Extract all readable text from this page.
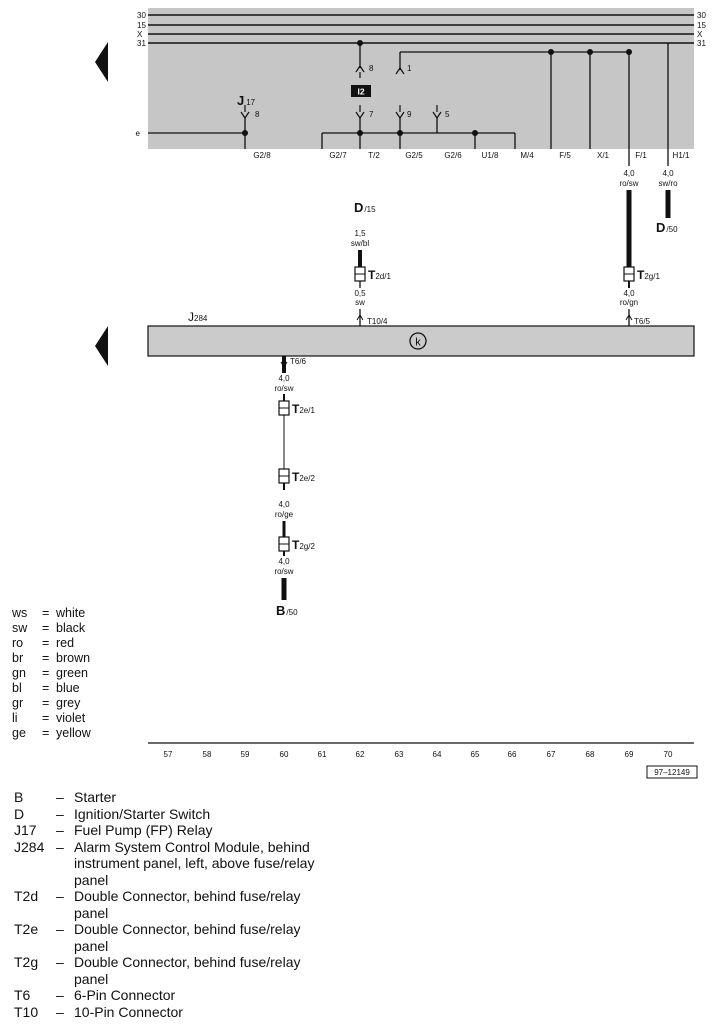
30
15
X
31
30
15
X
31
I2
8	1
7	9	5
8
e
J 17
G2/8	G2/7	T/2	G2/5	G2/6 U1/8	M/4	F/5	X/1	F/1	H1/1
4,0
ro/sw
4,0
ro/gn
4,0
sw/ro
D/50
D/15
1,5
sw/bl
0,5
sw
T2d/1	T2g/1
J284
k
T10/4	T6/5
T6/6
4,0
ro/sw
4,0
ro/ge
4,0
ro/sw
T2e/1
T2e/2
T2g/2
B/50
57	58	59	60	61	62	63	64	65	66	67	68	69	70
97–12149
ws	= white
sw	= black
ro	= red
br	= brown
gn	= green
bl	= blue
gr	= grey
li	= violet
ge	= yellow
B	– Starter
D	– Ignition/Starter Switch
J17	– Fuel Pump (FP) Relay
J284 – Alarm System Control Module, behind
instrument panel, left, above fuse/relay
panel
T2d	– Double Connector, behind fuse/relay
panel
T2e	– Double Connector, behind fuse/relay
panel
T2g	– Double Connector, behind fuse/relay
panel
T6	– 6-Pin Connector
T10	– 10-Pin Connector
